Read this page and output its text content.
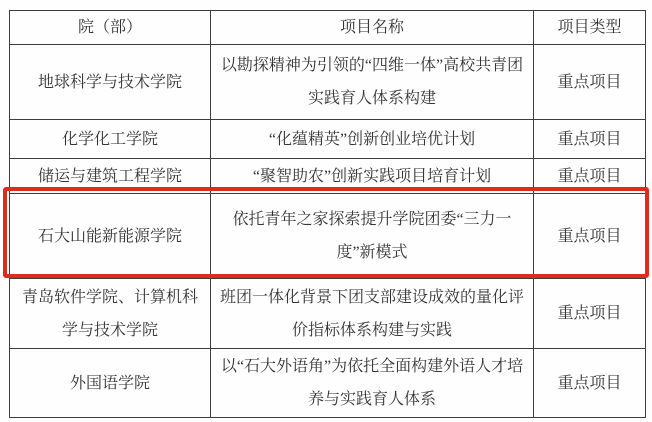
院（部）	项目名称	项目类型
地球科学与技术学院	以勘探精神为引领的“四维一体”高校共青团实践育人体系构建	重点项目
化学化工学院	“化蕴精英”创新创业培优计划	重点项目
储运与建筑工程学院	“聚智助农”创新实践项目培育计划	重点项目
石大山能新能源学院	依托青年之家探索提升学院团委“三力一度”新模式	重点项目
青岛软件学院、计算机科学与技术学院	班团一体化背景下团支部建设成效的量化评价指标体系构建与实践	重点项目
外国语学院	以“石大外语角”为依托全面构建外语人才培养与实践育人体系	重点项目
